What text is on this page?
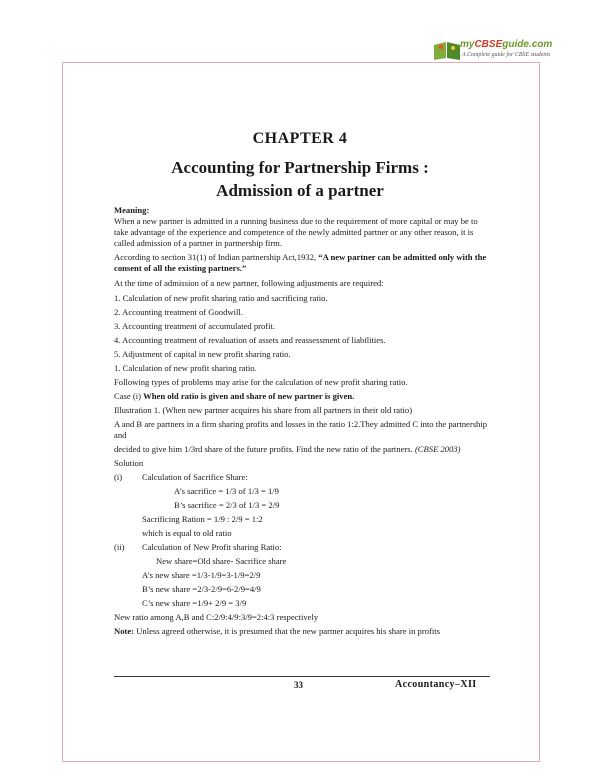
myCBSEguide.com
A Complete guide for CBSE students
CHAPTER 4
Accounting for Partnership Firms :
Admission of a partner

Meaning:

When a new partner is admitted in a running business due to the requirement of more capital or may be to take advantage of the experience and competence of the newly admitted partner or any other reason, it is called admission of a partner in partnership firm.

According to section 31(1) of Indian partnership Act,1932, “A new partner can be admitted only with the consent of all the existing partners.”

At the time of admission of a new partner, following adjustments are required:

1. Calculation of new profit sharing ratio and sacrificing ratio.

2. Accounting treatment of Goodwill.

3. Accounting treatment of accumulated profit.

4. Accounting treatment of revaluation of assets and reassessment of liabilities.

5. Adjustment of capital in new profit sharing ratio.

1. Calculation of new profit sharing ratio.

Following types of problems may arise for the calculation of new profit sharing ratio.

Case (i) When old ratio is given and share of new partner is given.

Illustration 1. (When new partner acquires his share from all partners in their old ratio)

A and B are partners in a firm sharing profits and losses in the ratio 1:2.They admitted C into the partnership and

decided to give him 1/3rd share of the future profits. Find the new ratio of the partners. (CBSE 2003)

Solution

(i) Calculation of Sacrifice Share:

A’s sacrifice = 1/3 of 1/3 = 1/9

B’s sacrifice = 2/3 of 1/3 = 2/9

Sacrificing Ration = 1/9 : 2/9 = 1:2

which is equal to old ratio

(ii) Calculation of New Profit sharing Ratio:

New share=Old share- Sacrifice share

A’s new share =1/3-1/9=3-1/9=2/9

B’s new share =2/3-2/9=6-2/9=4/9

C’s new share =1/9+ 2/9 = 3/9

New ratio among A,B and C:2/9:4/9:3/9=2:4:3 respectively

Note: Unless agreed otherwise, it is presumed that the new partner acquires his share in profits

33	Accountancy–XII
